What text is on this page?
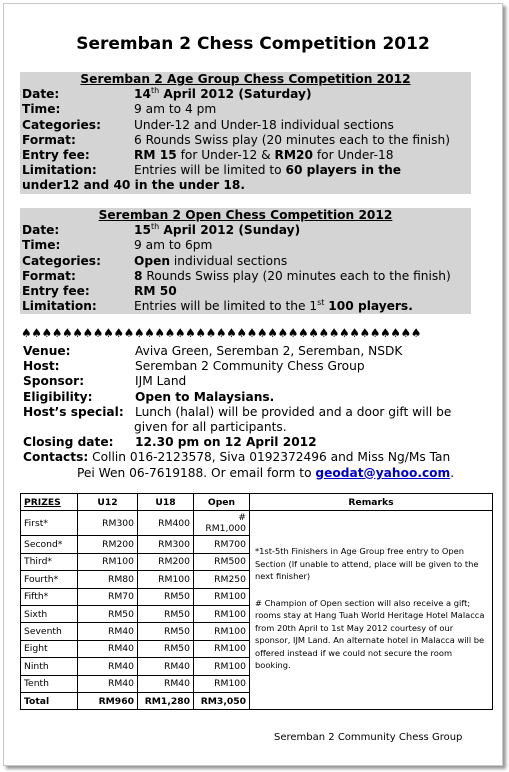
Seremban 2 Chess Competition 2012
Seremban 2 Age Group Chess Competition 2012
Date:	14th April 2012 (Saturday)
Time:	9 am to 4 pm
Categories:	Under-12 and Under-18 individual sections
Format:	6 Rounds Swiss play (20 minutes each to the finish)
Entry fee:	RM 15 for Under-12 & RM20 for Under-18
Limitation:	Entries will be limited to 60 players in the
under12 and 40 in the under 18.
Seremban 2 Open Chess Competition 2012
Date:	15th April 2012 (Sunday)
Time:	9 am to 6pm
Categories:	Open individual sections
Format:	8 Rounds Swiss play (20 minutes each to the finish)
Entry fee:	RM 50
Limitation:	Entries will be limited to the 1st 100 players.
♠♠♠♠♠♠♠♠♠♠♠♠♠♠♠♠♠♠♠♠♠♠♠♠♠♠♠♠♠♠♠♠♠♠♠♠♠♠♠
Venue:	Aviva Green, Seremban 2, Seremban, NSDK
Host:	Seremban 2 Community Chess Group
Sponsor:	IJM Land
Eligibility:	Open to Malaysians.
Host’s special: Lunch (halal) will be provided and a door gift will be
given for all participants.
Closing date:	12.30 pm on 12 April 2012
Contacts: Collin 016-2123578, Siva 0192372496 and Miss Ng/Ms Tan
Pei Wen 06-7619188. Or email form to geodat@yahoo.com.
PRIZES	U12	U18	Open	Remarks
First*	RM300	RM400	# RM1,000	*1st-5th Finishers in Age Group free entry to Open Section (If unable to attend, place will be given to the next finisher)
# Champion of Open section will also receive a gift; rooms stay at Hang Tuah World Heritage Hotel Malacca from 20th April to 1st May 2012 courtesy of our sponsor, IJM Land. An alternate hotel in Malacca will be offered instead if we could not secure the room booking.

Second*	RM200	RM300	RM700	
Third*	RM100	RM200	RM500	
Fourth*	RM80	RM100	RM250	
Fifth*	RM70	RM50	RM100	
Sixth	RM50	RM50	RM100	
Seventh	RM40	RM50	RM100	
Eight	RM40	RM50	RM100	
Ninth	RM40	RM40	RM100	
Tenth	RM40	RM40	RM100	
Total	RM960	RM1,280	RM3,050	
Seremban 2 Community Chess Group
